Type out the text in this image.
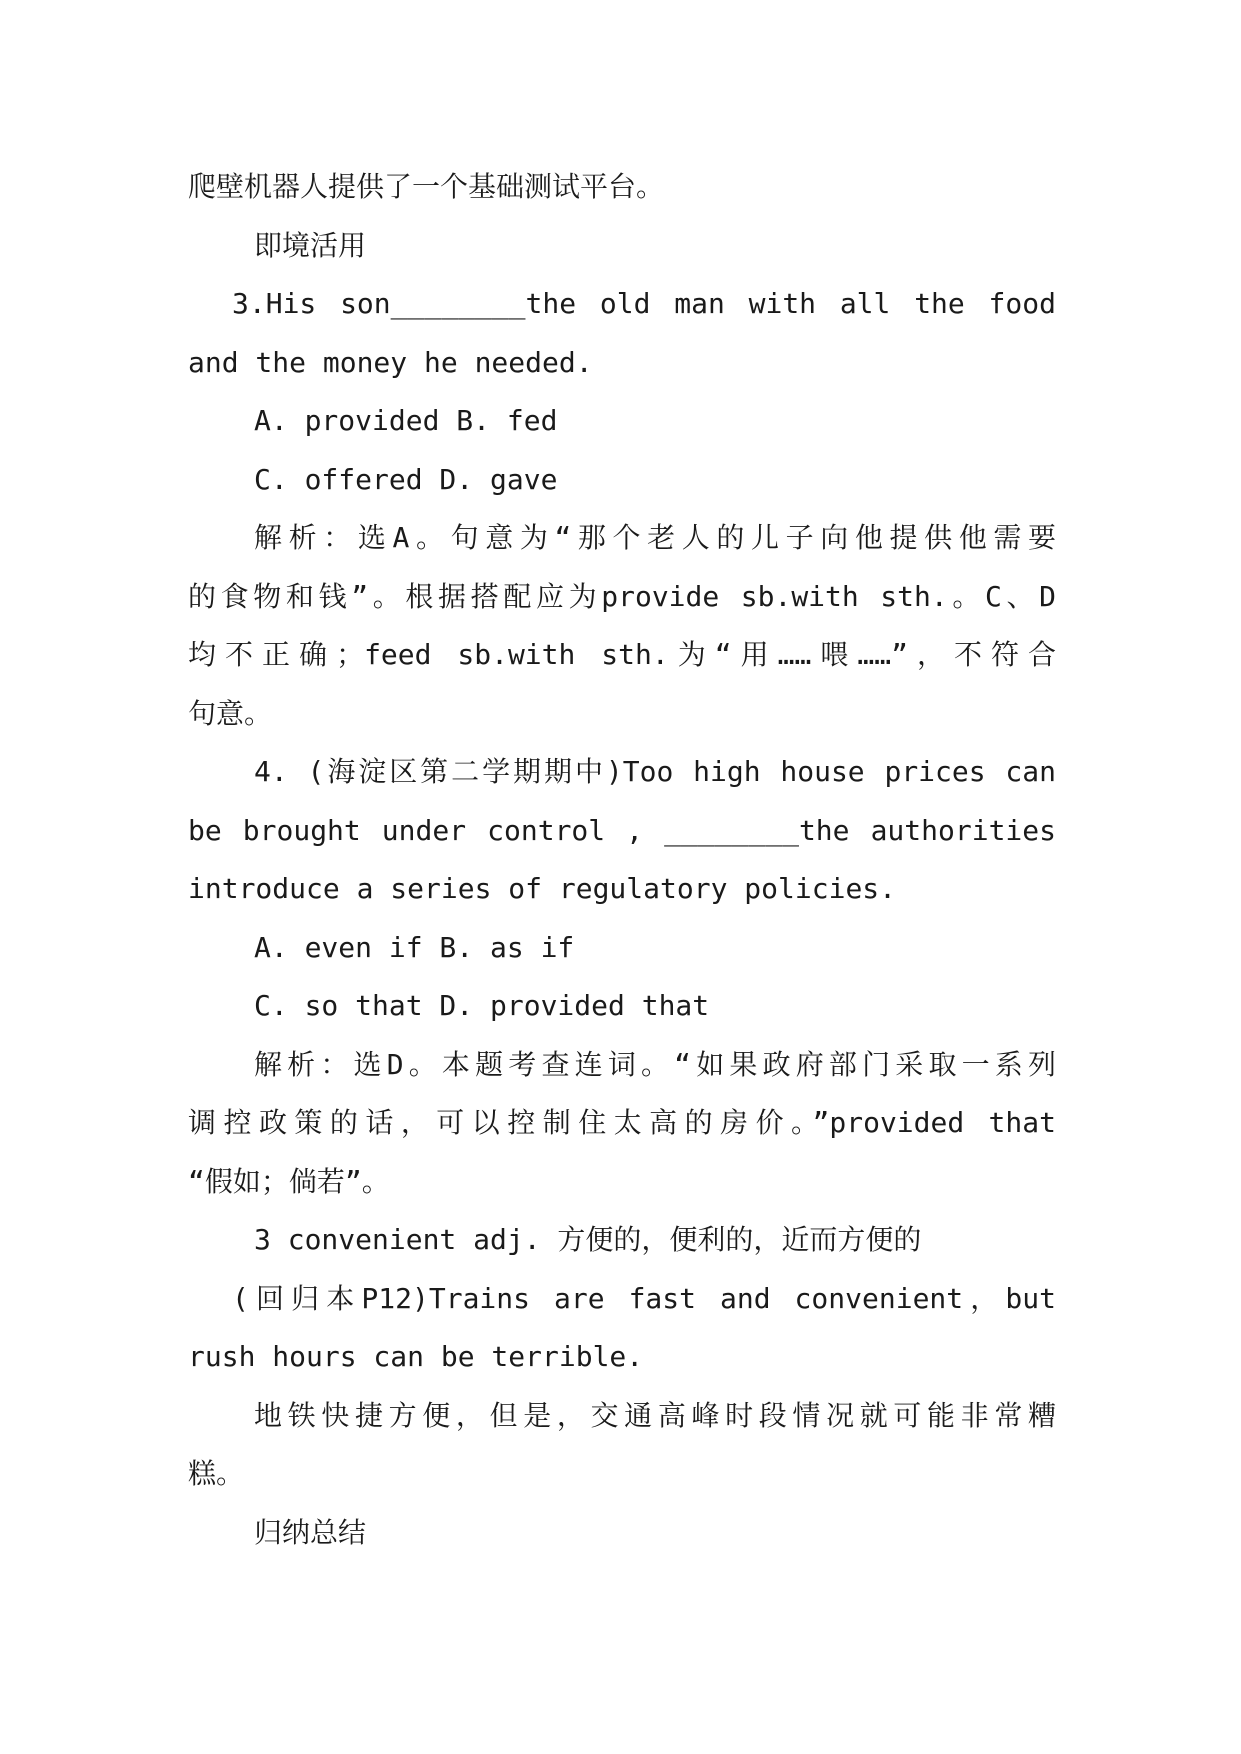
爬壁机器人提供了一个基础测试平台。
即境活用
3.His son________the old man with all the food
and the money he needed.
A. provided B. fed
C. offered D. gave
解析：选A。句意为“那个老人的儿子向他提供他需要
的食物和钱”。根据搭配应为provide sb.with sth.。C、D
均不正确；feed sb.with sth.为“用……喂……”，不符合
句意。
4. (海淀区第二学期期中)Too high house prices can
be brought under control , ________the authorities
introduce a series of regulatory policies.
A. even if B. as if
C. so that D. provided that
解析：选D。本题考查连词。“如果政府部门采取一系列
调控政策的话，可以控制住太高的房价。”provided that
“假如；倘若”。
3 convenient adj. 方便的，便利的，近而方便的
(回归本P12)Trains are fast and convenient，but
rush hours can be terrible.
地铁快捷方便，但是，交通高峰时段情况就可能非常糟
糕。
归纳总结
